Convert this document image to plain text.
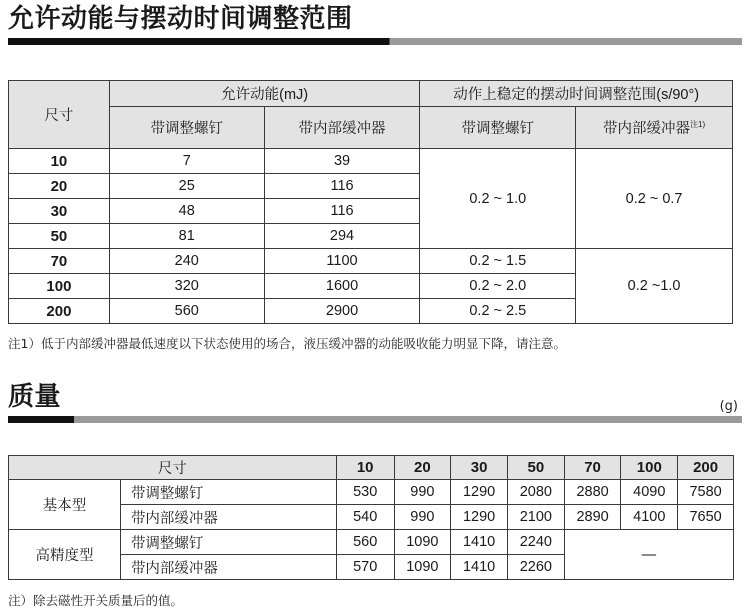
允许动能与摆动时间调整范围
尺寸	允许动能(mJ)		动作上稳定的摆动时间调整范围(s/90°)	
	带调整螺钉	带内部缓冲器	带调整螺钉	带内部缓冲器$^{注1)}$
10	7	39	0.2 ~ 1.0	0.2 ~ 0.7
20	25	116		
30	48	116		
50	81	294		
70	240	1100	0.2 ~ 1.5	0.2 ~1.0
100	320	1600	0.2 ~ 2.0	
200	560	2900	0.2 ~ 2.5	
注1）低于内部缓冲器最低速度以下状态使用的场合，液压缓冲器的动能吸收能力明显下降，请注意。
质量	(g)
尺寸		10	20	30	50	70	100	200
基本型	带调整螺钉	530	990	1290	2080	2880	4090	7580
	带内部缓冲器	540	990	1290	2100	2890	4100	7650
高精度型	带调整螺钉	560	1090	1410	2240	—		
	带内部缓冲器	570	1090	1410	2260			
注）除去磁性开关质量后的值。
